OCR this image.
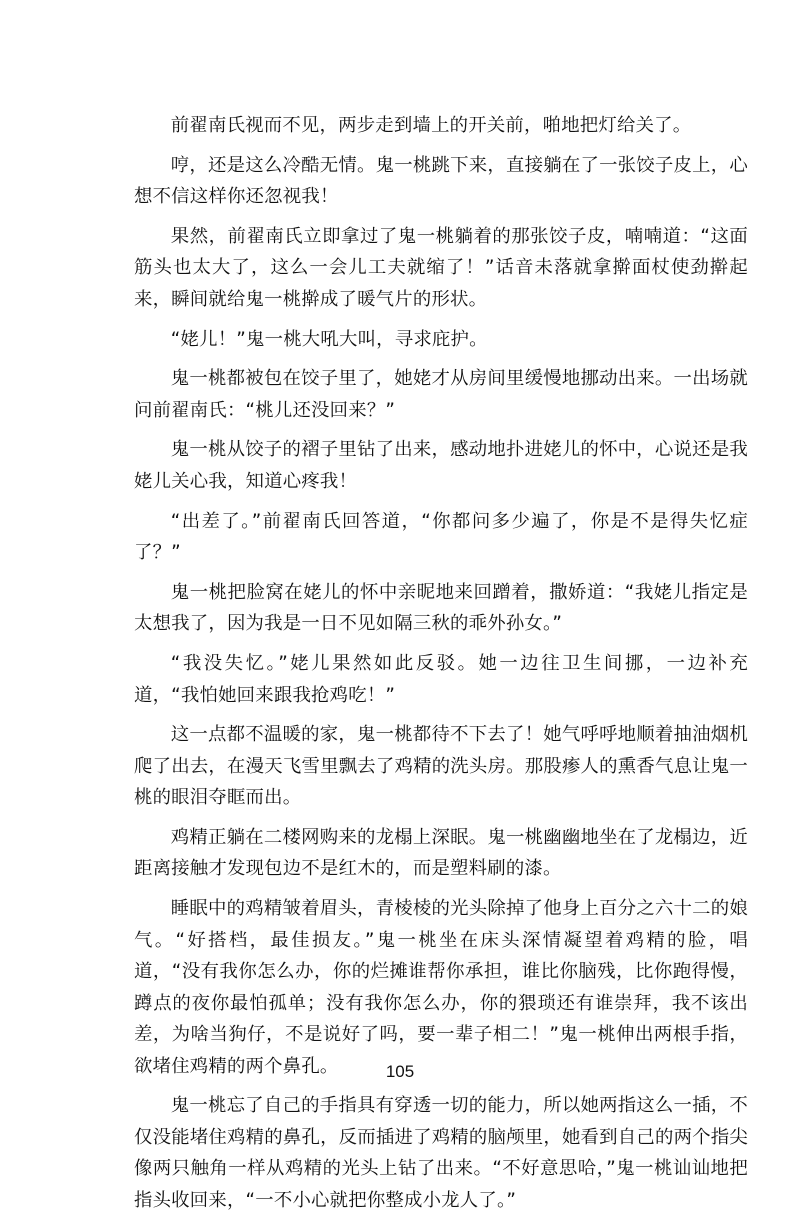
前翟南氏视而不见，两步走到墙上的开关前，啪地把灯给关了。

哼，还是这么冷酷无情。鬼一桃跳下来，直接躺在了一张饺子皮上，心想不信这样你还忽视我！

果然，前翟南氏立即拿过了鬼一桃躺着的那张饺子皮，喃喃道：“这面筋头也太大了，这么一会儿工夫就缩了！”话音未落就拿擀面杖使劲擀起来，瞬间就给鬼一桃擀成了暖气片的形状。

“姥儿！”鬼一桃大吼大叫，寻求庇护。

鬼一桃都被包在饺子里了，她姥才从房间里缓慢地挪动出来。一出场就问前翟南氏：“桃儿还没回来？”

鬼一桃从饺子的褶子里钻了出来，感动地扑进姥儿的怀中，心说还是我姥儿关心我，知道心疼我！

“出差了。”前翟南氏回答道，“你都问多少遍了，你是不是得失忆症了？”

鬼一桃把脸窝在姥儿的怀中亲昵地来回蹭着，撒娇道：“我姥儿指定是太想我了，因为我是一日不见如隔三秋的乖外孙女。”

“我没失忆。”姥儿果然如此反驳。她一边往卫生间挪，一边补充道，“我怕她回来跟我抢鸡吃！”

这一点都不温暖的家，鬼一桃都待不下去了！她气呼呼地顺着抽油烟机爬了出去，在漫天飞雪里飘去了鸡精的洗头房。那股瘆人的熏香气息让鬼一桃的眼泪夺眶而出。

鸡精正躺在二楼网购来的龙榻上深眠。鬼一桃幽幽地坐在了龙榻边，近距离接触才发现包边不是红木的，而是塑料刷的漆。

睡眠中的鸡精皱着眉头，青棱棱的光头除掉了他身上百分之六十二的娘气。“好搭档，最佳损友。”鬼一桃坐在床头深情凝望着鸡精的脸，唱道，“没有我你怎么办，你的烂摊谁帮你承担，谁比你脑残，比你跑得慢，蹲点的夜你最怕孤单；没有我你怎么办，你的猥琐还有谁崇拜，我不该出差，为啥当狗仔，不是说好了吗，要一辈子相二！”鬼一桃伸出两根手指，欲堵住鸡精的两个鼻孔。

鬼一桃忘了自己的手指具有穿透一切的能力，所以她两指这么一插，不仅没能堵住鸡精的鼻孔，反而插进了鸡精的脑颅里，她看到自己的两个指尖像两只触角一样从鸡精的光头上钻了出来。“不好意思哈，”鬼一桃讪讪地把指头收回来，“一不小心就把你整成小龙人了。”

105
